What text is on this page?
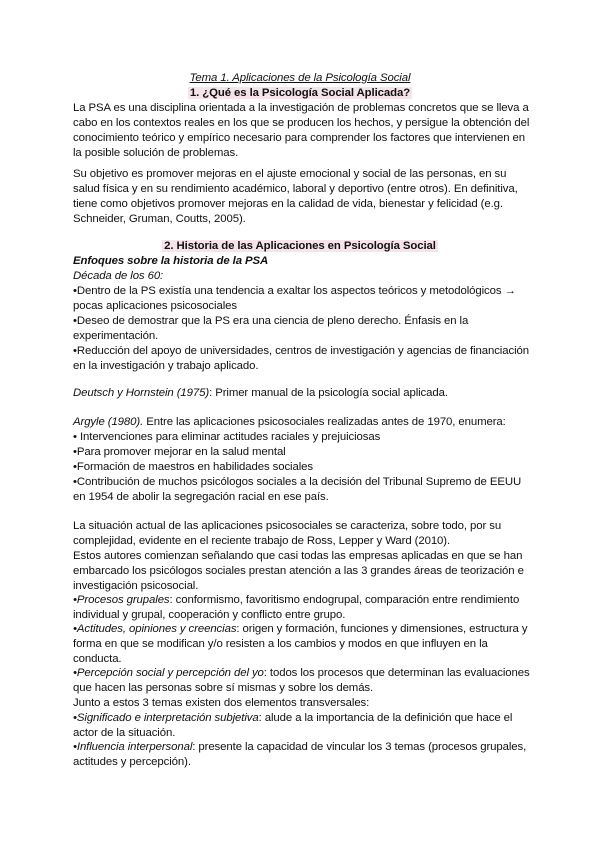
Tema 1. Aplicaciones de la Psicología Social
1. ¿Qué es la Psicología Social Aplicada?
La PSA es una disciplina orientada a la investigación de problemas concretos que se lleva a
cabo en los contextos reales en los que se producen los hechos, y persigue la obtención del
conocimiento teórico y empírico necesario para comprender los factores que intervienen en
la posible solución de problemas.
Su objetivo es promover mejoras en el ajuste emocional y social de las personas, en su
salud física y en su rendimiento académico, laboral y deportivo (entre otros). En definitiva,
tiene como objetivos promover mejoras en la calidad de vida, bienestar y felicidad (e.g.
Schneider, Gruman, Coutts, 2005).
2. Historia de las Aplicaciones en Psicología Social
Enfoques sobre la historia de la PSA
Década de los 60:
•Dentro de la PS existía una tendencia a exaltar los aspectos teóricos y metodológicos →
pocas aplicaciones psicosociales
•Deseo de demostrar que la PS era una ciencia de pleno derecho. Énfasis en la
experimentación.
•Reducción del apoyo de universidades, centros de investigación y agencias de financiación
en la investigación y trabajo aplicado.
Deutsch y Hornstein (1975): Primer manual de la psicología social aplicada.
Argyle (1980). Entre las aplicaciones psicosociales realizadas antes de 1970, enumera:
• Intervenciones para eliminar actitudes raciales y prejuiciosas
•Para promover mejorar en la salud mental
•Formación de maestros en habilidades sociales
•Contribución de muchos psicólogos sociales a la decisión del Tribunal Supremo de EEUU
en 1954 de abolir la segregación racial en ese país.
La situación actual de las aplicaciones psicosociales se caracteriza, sobre todo, por su
complejidad, evidente en el reciente trabajo de Ross, Lepper y Ward (2010).
Estos autores comienzan señalando que casi todas las empresas aplicadas en que se han
embarcado los psicólogos sociales prestan atención a las 3 grandes áreas de teorización e
investigación psicosocial.
•Procesos grupales: conformismo, favoritismo endogrupal, comparación entre rendimiento
individual y grupal, cooperación y conflicto entre grupo.
•Actitudes, opiniones y creencias: origen y formación, funciones y dimensiones, estructura y
forma en que se modifican y/o resisten a los cambios y modos en que influyen en la
conducta.
•Percepción social y percepción del yo: todos los procesos que determinan las evaluaciones
que hacen las personas sobre sí mismas y sobre los demás.
Junto a estos 3 temas existen dos elementos transversales:
•Significado e interpretación subjetiva: alude a la importancia de la definición que hace el
actor de la situación.
•Influencia interpersonal: presente la capacidad de vincular los 3 temas (procesos grupales,
actitudes y percepción).
